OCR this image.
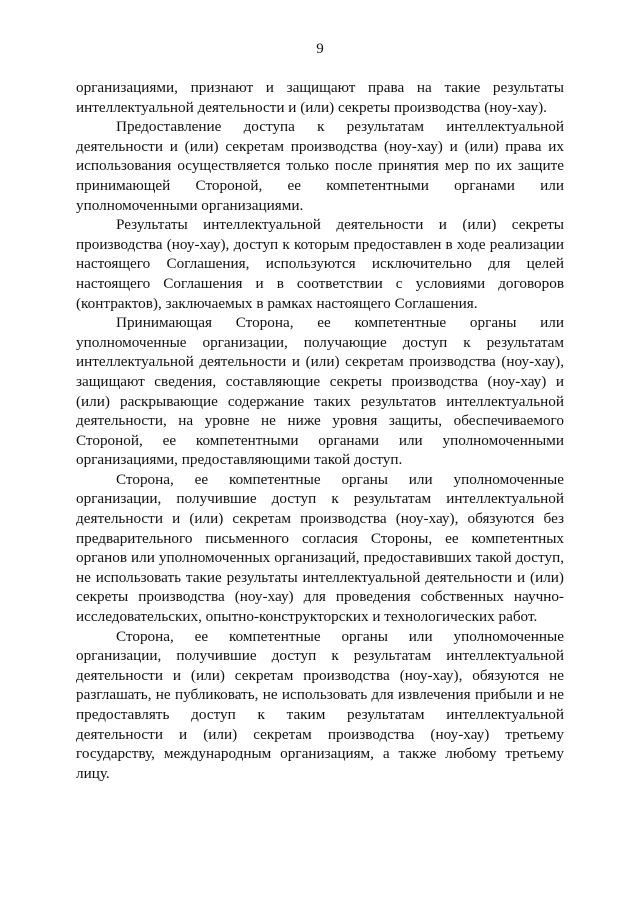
9

организациями, признают и защищают права на такие результаты интеллектуальной деятельности и (или) секреты производства (ноу-хау).

Предоставление доступа к результатам интеллектуальной деятельности и (или) секретам производства (ноу-хау) и (или) права их использования осуществляется только после принятия мер по их защите принимающей Стороной, ее компетентными органами или уполномоченными организациями.

Результаты интеллектуальной деятельности и (или) секреты производства (ноу-хау), доступ к которым предоставлен в ходе реализации настоящего Соглашения, используются исключительно для целей настоящего Соглашения и в соответствии с условиями договоров (контрактов), заключаемых в рамках настоящего Соглашения.

Принимающая Сторона, ее компетентные органы или уполномоченные организации, получающие доступ к результатам интеллектуальной деятельности и (или) секретам производства (ноу-хау), защищают сведения, составляющие секреты производства (ноу-хау) и (или) раскрывающие содержание таких результатов интеллектуальной деятельности, на уровне не ниже уровня защиты, обеспечиваемого Стороной, ее компетентными органами или уполномоченными организациями, предоставляющими такой доступ.

Сторона, ее компетентные органы или уполномоченные организации, получившие доступ к результатам интеллектуальной деятельности и (или) секретам производства (ноу-хау), обязуются без предварительного письменного согласия Стороны, ее компетентных органов или уполномоченных организаций, предоставивших такой доступ, не использовать такие результаты интеллектуальной деятельности и (или) секреты производства (ноу-хау) для проведения собственных научно-исследовательских, опытно-конструкторских и технологических работ.

Сторона, ее компетентные органы или уполномоченные организации, получившие доступ к результатам интеллектуальной деятельности и (или) секретам производства (ноу-хау), обязуются не разглашать, не публиковать, не использовать для извлечения прибыли и не предоставлять доступ к таким результатам интеллектуальной деятельности и (или) секретам производства (ноу-хау) третьему государству, международным организациям, а также любому третьему лицу.
